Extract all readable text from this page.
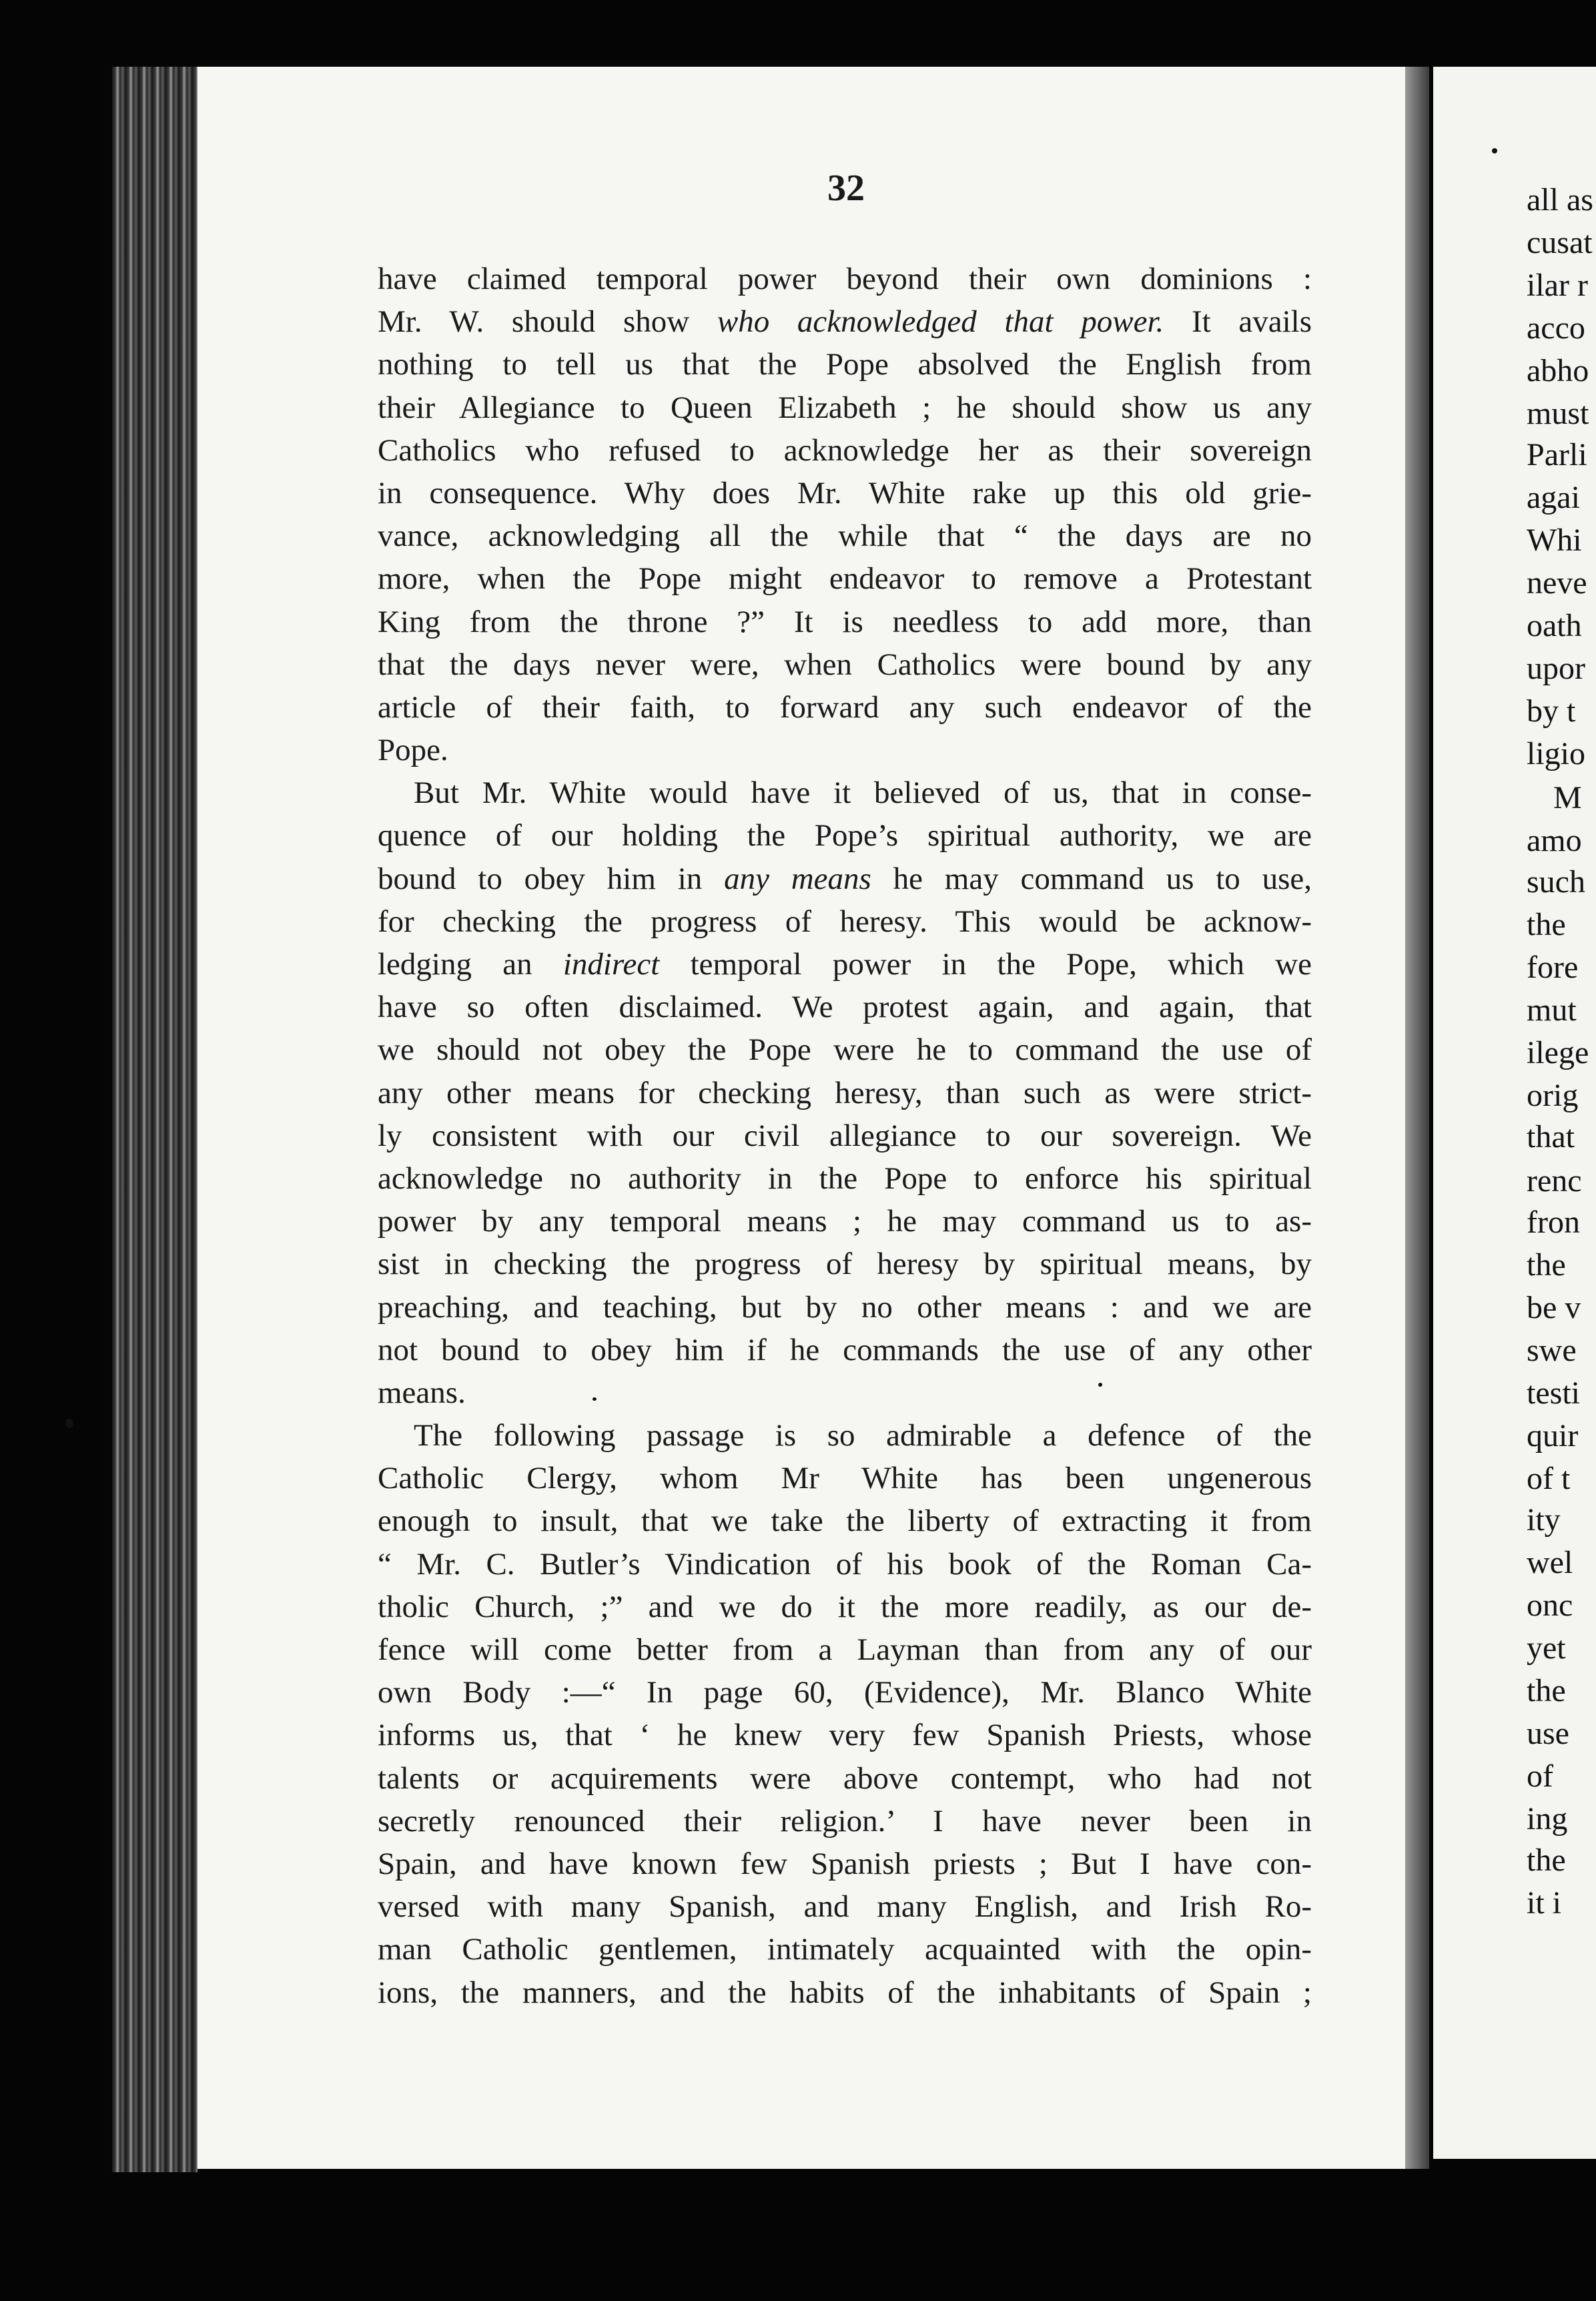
all as
cusat
ilar r
acco
abho
must
Parli
agai
Whi
neve
oath
upor
by t
ligio
M
amo
such
the
fore
mut
ilege
orig
that
renc
fron
the
be v
swe
testi
quir
of t
ity
wel
onc
yet
the
use
of
ing
the
it i
32
have claimed temporal power beyond their own dominions :
Mr. W. should show who acknowledged that power. It avails
nothing to tell us that the Pope absolved the English from
their Allegiance to Queen Elizabeth ; he should show us any
Catholics who refused to acknowledge her as their sovereign
in consequence. Why does Mr. White rake up this old grie-
vance, acknowledging all the while that “ the days are no
more, when the Pope might endeavor to remove a Protestant
King from the throne ?” It is needless to add more, than
that the days never were, when Catholics were bound by any
article of their faith, to forward any such endeavor of the
Pope.
But Mr. White would have it believed of us, that in conse-
quence of our holding the Pope’s spiritual authority, we are
bound to obey him in any means he may command us to use,
for checking the progress of heresy. This would be acknow-
ledging an indirect temporal power in the Pope, which we
have so often disclaimed. We protest again, and again, that
we should not obey the Pope were he to command the use of
any other means for checking heresy, than such as were strict-
ly consistent with our civil allegiance to our sovereign. We
acknowledge no authority in the Pope to enforce his spiritual
power by any temporal means ; he may command us to as-
sist in checking the progress of heresy by spiritual means, by
preaching, and teaching, but by no other means : and we are
not bound to obey him if he commands the use of any other
means.
The following passage is so admirable a defence of the
Catholic Clergy, whom Mr White has been ungenerous
enough to insult, that we take the liberty of extracting it from
“ Mr. C. Butler’s Vindication of his book of the Roman Ca-
tholic Church, ;” and we do it the more readily, as our de-
fence will come better from a Layman than from any of our
own Body :—“ In page 60, (Evidence), Mr. Blanco White
informs us, that ‘ he knew very few Spanish Priests, whose
talents or acquirements were above contempt, who had not
secretly renounced their religion.’ I have never been in
Spain, and have known few Spanish priests ; But I have con-
versed with many Spanish, and many English, and Irish Ro-
man Catholic gentlemen, intimately acquainted with the opin-
ions, the manners, and the habits of the inhabitants of Spain ;
